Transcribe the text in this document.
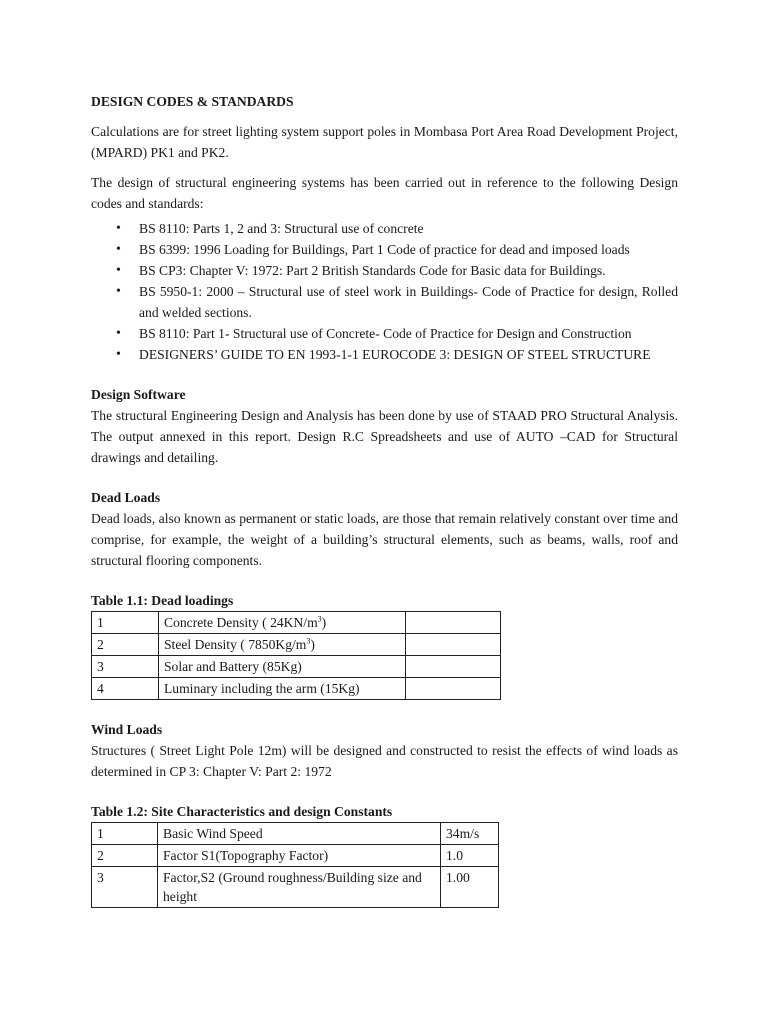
DESIGN CODES & STANDARDS

Calculations are for street lighting system support poles in Mombasa Port Area Road Development Project, (MPARD) PK1 and PK2.

The design of structural engineering systems has been carried out in reference to the following Design codes and standards:

• BS 8110: Parts 1, 2 and 3: Structural use of concrete
• BS 6399: 1996 Loading for Buildings, Part 1 Code of practice for dead and imposed loads
• BS CP3: Chapter V: 1972: Part 2 British Standards Code for Basic data for Buildings.
• BS 5950-1: 2000 – Structural use of steel work in Buildings- Code of Practice for design, Rolled and welded sections.
• BS 8110: Part 1- Structural use of Concrete- Code of Practice for Design and Construction
• DESIGNERS’ GUIDE TO EN 1993-1-1 EUROCODE 3: DESIGN OF STEEL STRUCTURE

Design Software

The structural Engineering Design and Analysis has been done by use of STAAD PRO Structural Analysis. The output annexed in this report. Design R.C Spreadsheets and use of AUTO –CAD for Structural drawings and detailing.

Dead Loads

Dead loads, also known as permanent or static loads, are those that remain relatively constant over time and comprise, for example, the weight of a building’s structural elements, such as beams, walls, roof and structural flooring components.

Table 1.1: Dead loadings

1	Concrete Density ( $24KN/m^3$)	
2	Steel Density ( $7850Kg/m^3$)	
3	Solar and Battery (85Kg)	
4	Luminary including the arm (15Kg)	

Wind Loads

Structures ( Street Light Pole 12m) will be designed and constructed to resist the effects of wind loads as determined in CP 3: Chapter V: Part 2: 1972

Table 1.2: Site Characteristics and design Constants

1	Basic Wind Speed	34m/s
2	Factor S1(Topography Factor)	1.0
3	Factor,S2 (Ground roughness/Building size and height	1.00
